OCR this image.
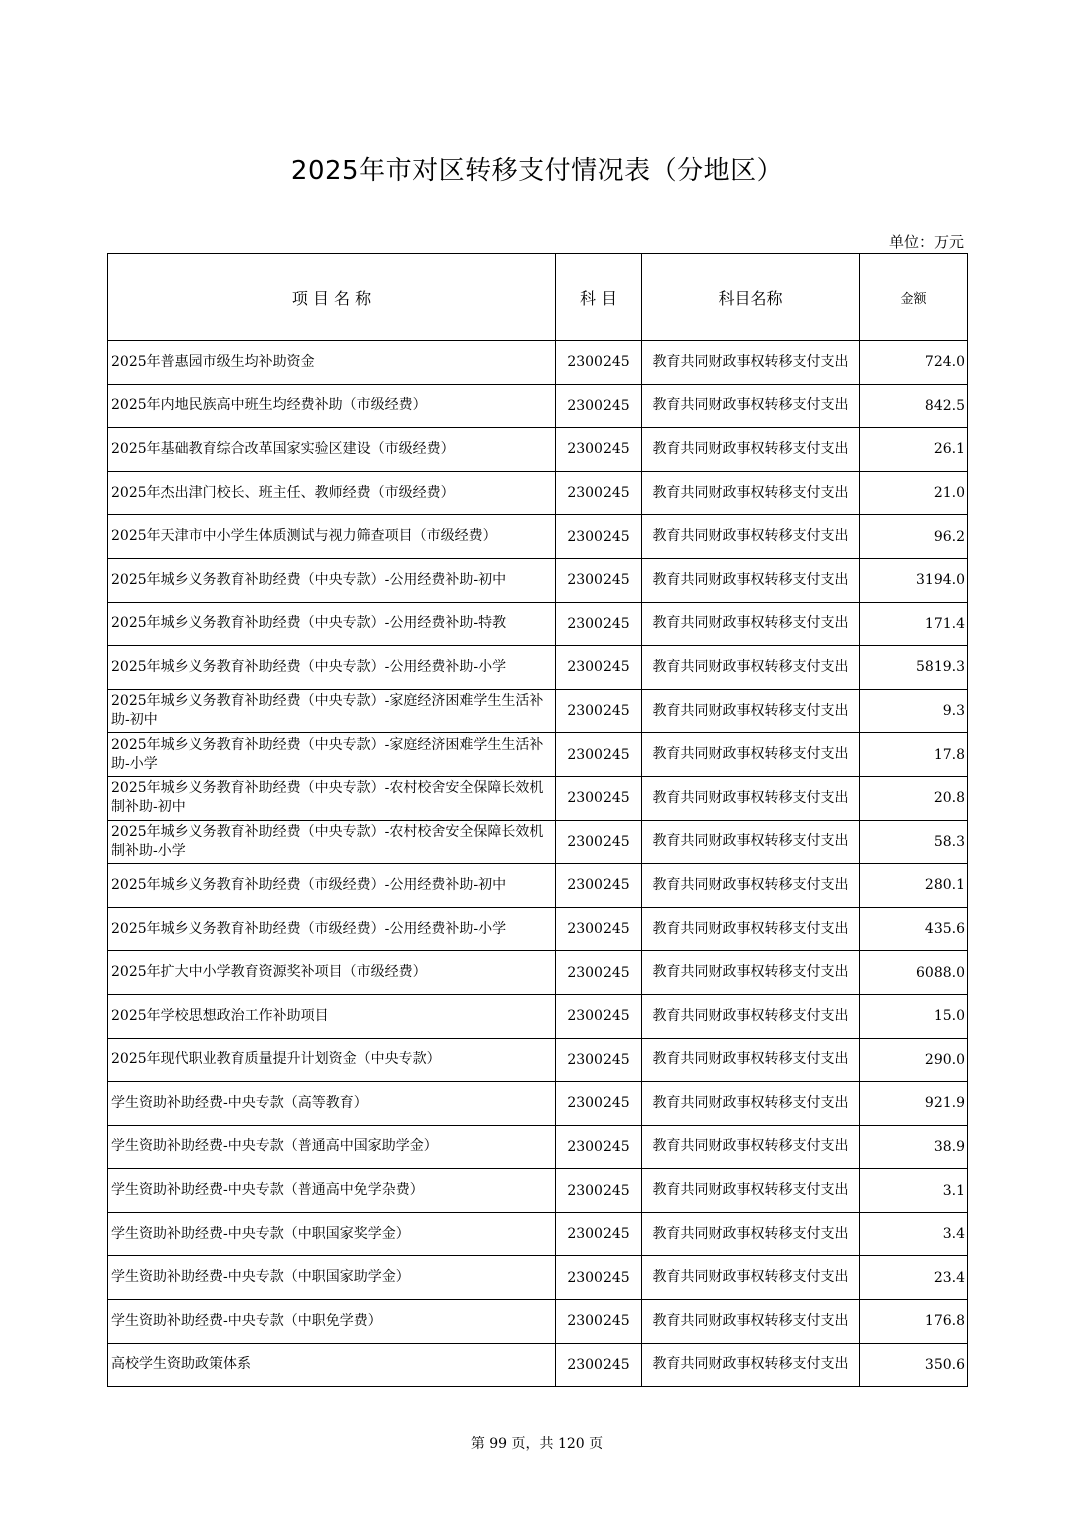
2025年市对区转移支付情况表（分地区）
单位：万元
项 目 名 称	科 目	科目名称	金额
2025年普惠园市级生均补助资金	2300245	教育共同财政事权转移支付支出	724.0
2025年内地民族高中班生均经费补助（市级经费）	2300245	教育共同财政事权转移支付支出	842.5
2025年基础教育综合改革国家实验区建设（市级经费）	2300245	教育共同财政事权转移支付支出	26.1
2025年杰出津门校长、班主任、教师经费（市级经费）	2300245	教育共同财政事权转移支付支出	21.0
2025年天津市中小学生体质测试与视力筛查项目（市级经费）	2300245	教育共同财政事权转移支付支出	96.2
2025年城乡义务教育补助经费（中央专款）-公用经费补助-初中	2300245	教育共同财政事权转移支付支出	3194.0
2025年城乡义务教育补助经费（中央专款）-公用经费补助-特教	2300245	教育共同财政事权转移支付支出	171.4
2025年城乡义务教育补助经费（中央专款）-公用经费补助-小学	2300245	教育共同财政事权转移支付支出	5819.3
2025年城乡义务教育补助经费（中央专款）-家庭经济困难学生生活补助-初中	2300245	教育共同财政事权转移支付支出	9.3
2025年城乡义务教育补助经费（中央专款）-家庭经济困难学生生活补助-小学	2300245	教育共同财政事权转移支付支出	17.8
2025年城乡义务教育补助经费（中央专款）-农村校舍安全保障长效机制补助-初中	2300245	教育共同财政事权转移支付支出	20.8
2025年城乡义务教育补助经费（中央专款）-农村校舍安全保障长效机制补助-小学	2300245	教育共同财政事权转移支付支出	58.3
2025年城乡义务教育补助经费（市级经费）-公用经费补助-初中	2300245	教育共同财政事权转移支付支出	280.1
2025年城乡义务教育补助经费（市级经费）-公用经费补助-小学	2300245	教育共同财政事权转移支付支出	435.6
2025年扩大中小学教育资源奖补项目（市级经费）	2300245	教育共同财政事权转移支付支出	6088.0
2025年学校思想政治工作补助项目	2300245	教育共同财政事权转移支付支出	15.0
2025年现代职业教育质量提升计划资金（中央专款）	2300245	教育共同财政事权转移支付支出	290.0
学生资助补助经费-中央专款（高等教育）	2300245	教育共同财政事权转移支付支出	921.9
学生资助补助经费-中央专款（普通高中国家助学金）	2300245	教育共同财政事权转移支付支出	38.9
学生资助补助经费-中央专款（普通高中免学杂费）	2300245	教育共同财政事权转移支付支出	3.1
学生资助补助经费-中央专款（中职国家奖学金）	2300245	教育共同财政事权转移支付支出	3.4
学生资助补助经费-中央专款（中职国家助学金）	2300245	教育共同财政事权转移支付支出	23.4
学生资助补助经费-中央专款（中职免学费）	2300245	教育共同财政事权转移支付支出	176.8
高校学生资助政策体系	2300245	教育共同财政事权转移支付支出	350.6
第 99 页，共 120 页
